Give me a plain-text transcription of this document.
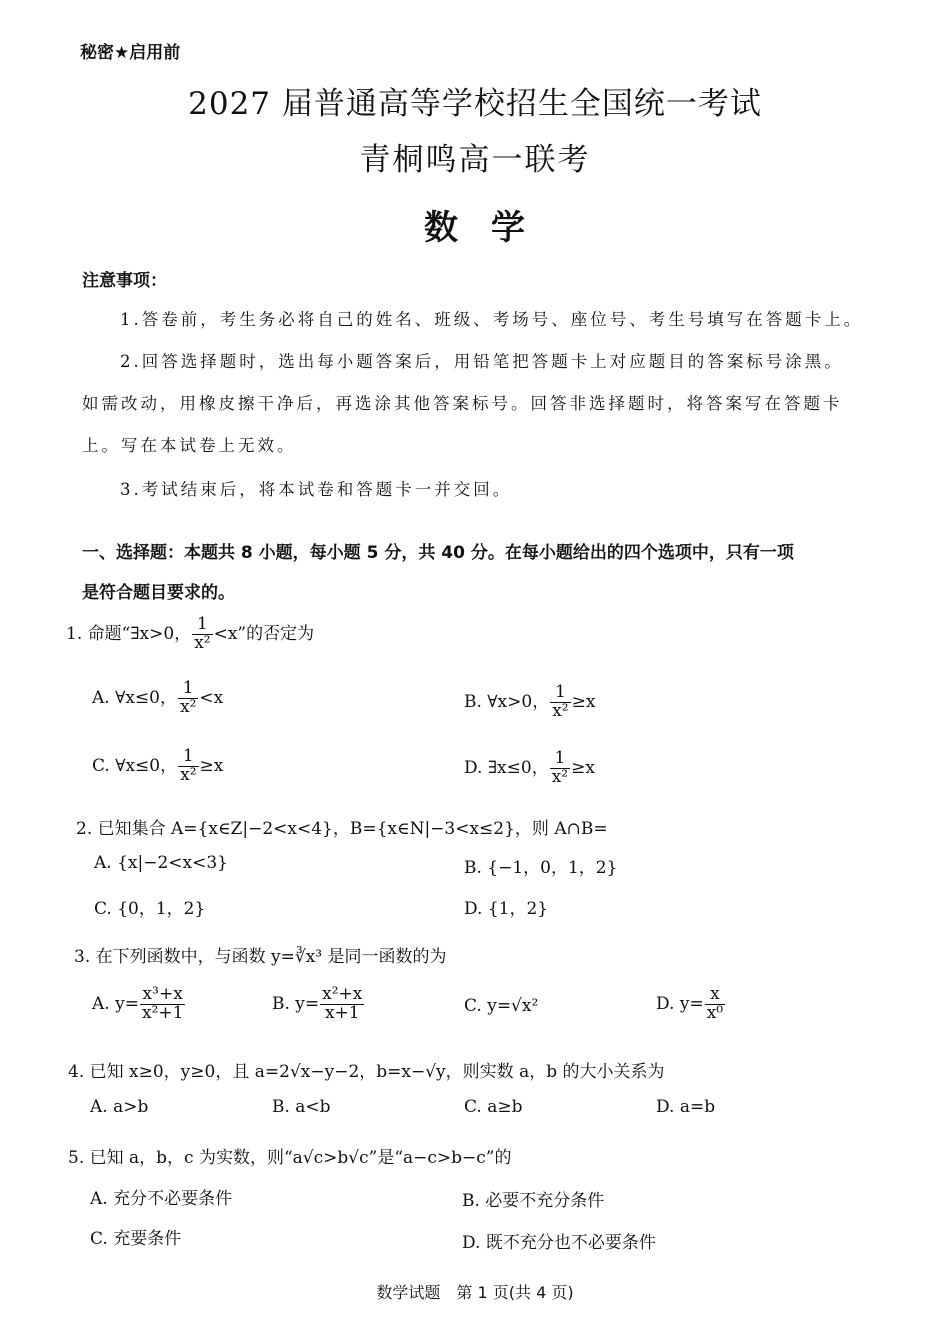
秘密★启用前
2027 届普通高等学校招生全国统一考试
青桐鸣高一联考
数 学
注意事项：
1.答卷前，考生务必将自己的姓名、班级、考场号、座位号、考生号填写在答题卡上。
2.回答选择题时，选出每小题答案后，用铅笔把答题卡上对应题目的答案标号涂黑。
如需改动，用橡皮擦干净后，再选涂其他答案标号。回答非选择题时，将答案写在答题卡
上。写在本试卷上无效。
3.考试结束后，将本试卷和答题卡一并交回。
一、选择题：本题共 8 小题，每小题 5 分，共 40 分。在每小题给出的四个选项中，只有一项
是符合题目要求的。
1. 命题“∃x>0， $\frac{1}{\text{x²}} <x$”的否定为
A. ∀x≤0， $\frac{1}{\text{x²}} <x$	B. ∀x>0， $\frac{1}{\text{x²}} \ge x$
C. ∀x≤0， $\frac{1}{\text{x²}} \ge x$	D. ∃x≤0， $\frac{1}{\text{x²}} \ge x$
2. 已知集合 A={x∈Z|−2<x<4}，B={x∈N|−3<x≤2}，则 A∩B=
A. {x|−2<x<3}	B. {−1，0，1，2}
C. {0，1，2}	D. {1，2}
3. 在下列函数中，与函数 y=∛x³ 是同一函数的为
A. $y= \frac{\text{x³+x}}{\text{x²+1}}$	B. $y= \frac{\text{x²+x}}{x+1}$	C. y=√x²	D. $y= \frac{x}{\text{x⁰}}$
4. 已知 x≥0，y≥0，且 a=2√x−y−2，b=x−√y，则实数 a，b 的大小关系为
A. a>b	B. a<b	C. a≥b	D. a=b
5. 已知 a，b，c 为实数，则“a√c>b√c”是“a−c>b−c”的
A. 充分不必要条件	B. 必要不充分条件
C. 充要条件	D. 既不充分也不必要条件
数学试题　第 1 页(共 4 页)
